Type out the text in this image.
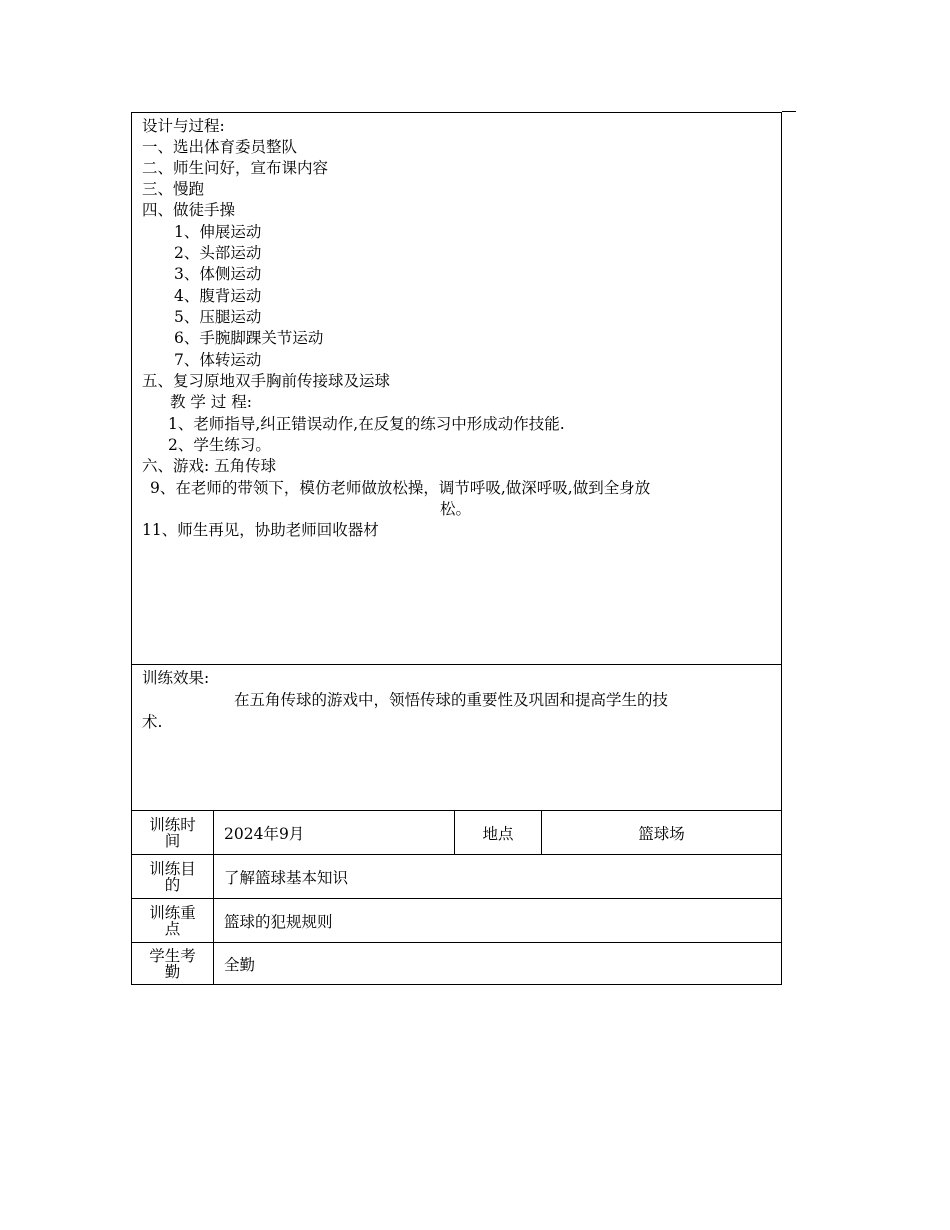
设计与过程:
一、选出体育委员整队
二、师生问好，宣布课内容
三、慢跑
四、做徒手操
1、伸展运动
2、头部运动
3、体侧运动
4、腹背运动
5、压腿运动
6、手腕脚踝关节运动
7、体转运动
五、复习原地双手胸前传接球及运球
教 学 过 程:
1、老师指导,纠正错误动作,在反复的练习中形成动作技能.
2、学生练习。
六、游戏: 五角传球
9、在老师的带领下，模仿老师做放松操，调节呼吸,做深呼吸,做到全身放
松。
11、师生再见，协助老师回收器材
训练效果:
在五角传球的游戏中，领悟传球的重要性及巩固和提高学生的技
术.
训练时间	2024年9月	地点	篮球场
训练目的	了解篮球基本知识
训练重点	篮球的犯规规则
学生考勤	全勤
